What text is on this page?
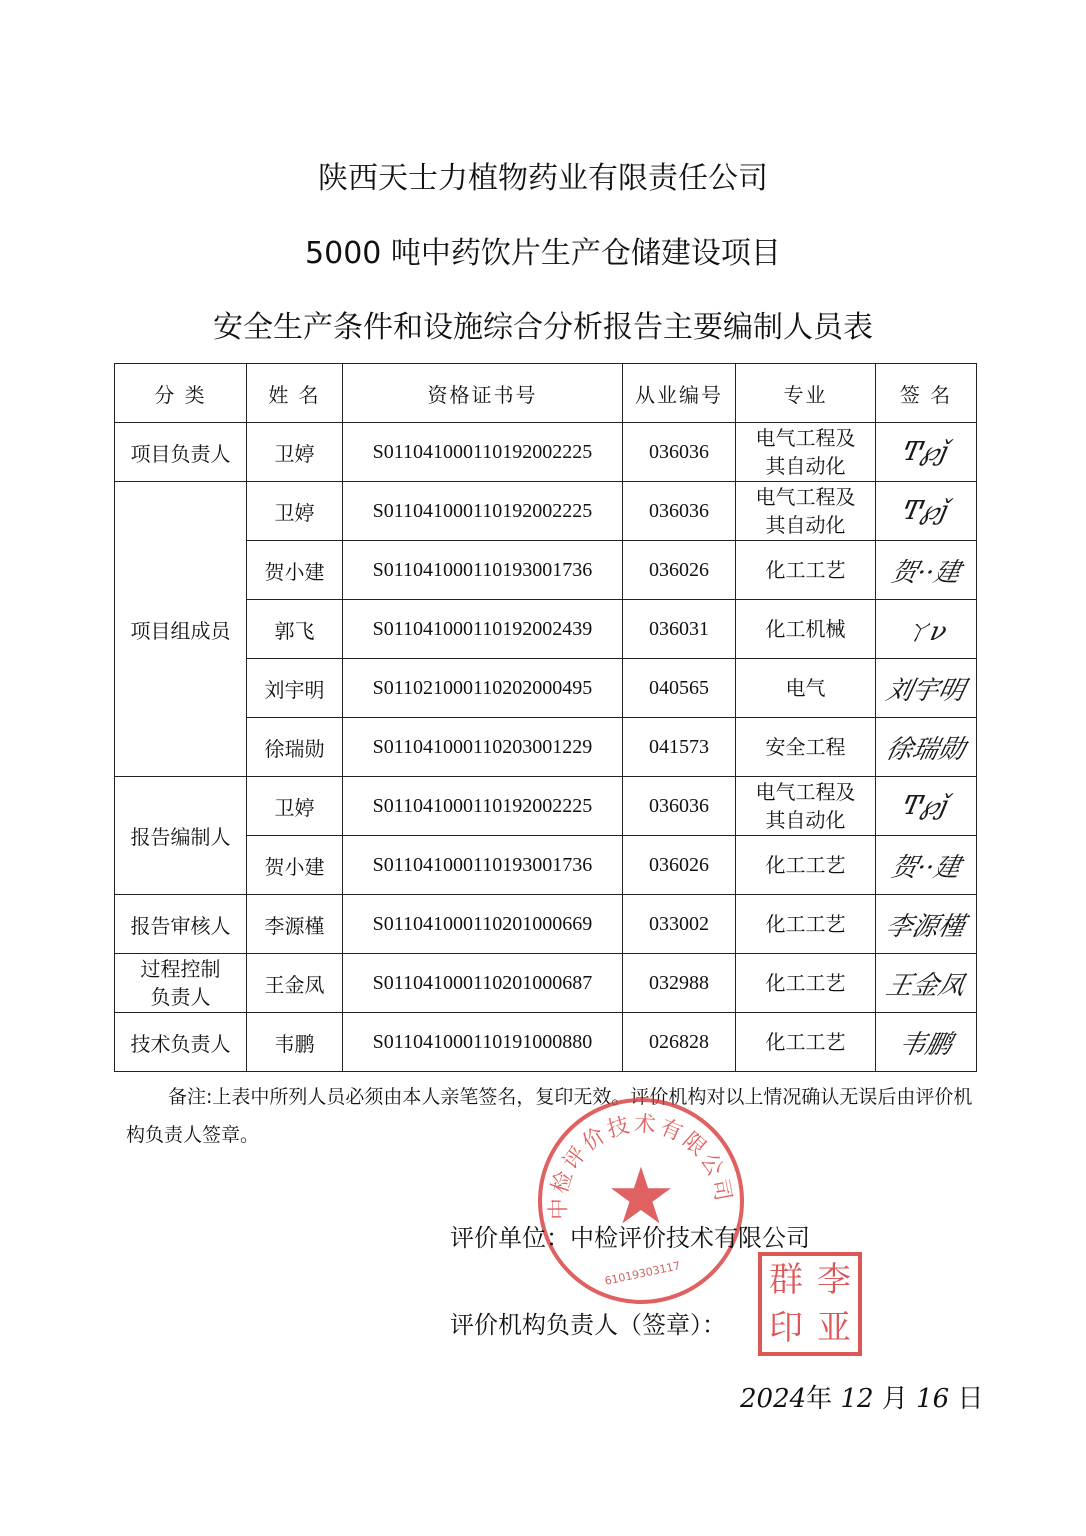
陕西天士力植物药业有限责任公司
5000 吨中药饮片生产仓储建设项目
安全生产条件和设施综合分析报告主要编制人员表
分 类	姓 名	资格证书号	从业编号	专业	签 名
项目负责人	卫婷	S011041000110192002225	036036	电气工程及其自动化	Ͳ℘ǰ
项目组成员	卫婷	S011041000110192002225	036036	电气工程及其自动化	Ͳ℘ǰ
	贺小建	S011041000110193001736	036026	化工工艺	贺··建
	郭飞	S011041000110192002439	036031	化工机械	ㄚν
	刘宇明	S011021000110202000495	040565	电气	刘宇明
	徐瑞勋	S011041000110203001229	041573	安全工程	徐瑞勋
报告编制人	卫婷	S011041000110192002225	036036	电气工程及其自动化	Ͳ℘ǰ
	贺小建	S011041000110193001736	036026	化工工艺	贺··建
报告审核人	李源槿	S011041000110201000669	033002	化工工艺	李源槿
过程控制负责人	王金凤	S011041000110201000687	032988	化工工艺	王金凤
技术负责人	韦鹏	S011041000110191000880	026828	化工工艺	韦鹏
备注:上表中所列人员必须由本人亲笔签名，复印无效。评价机构对以上情况确认无误后由评价机构负责人签章。
中检评价技术有限公司
★
61019303117
评价单位：中检评价技术有限公司
评价机构负责人（签章）：
群 李
印 亚
2024年 12 月 16 日
